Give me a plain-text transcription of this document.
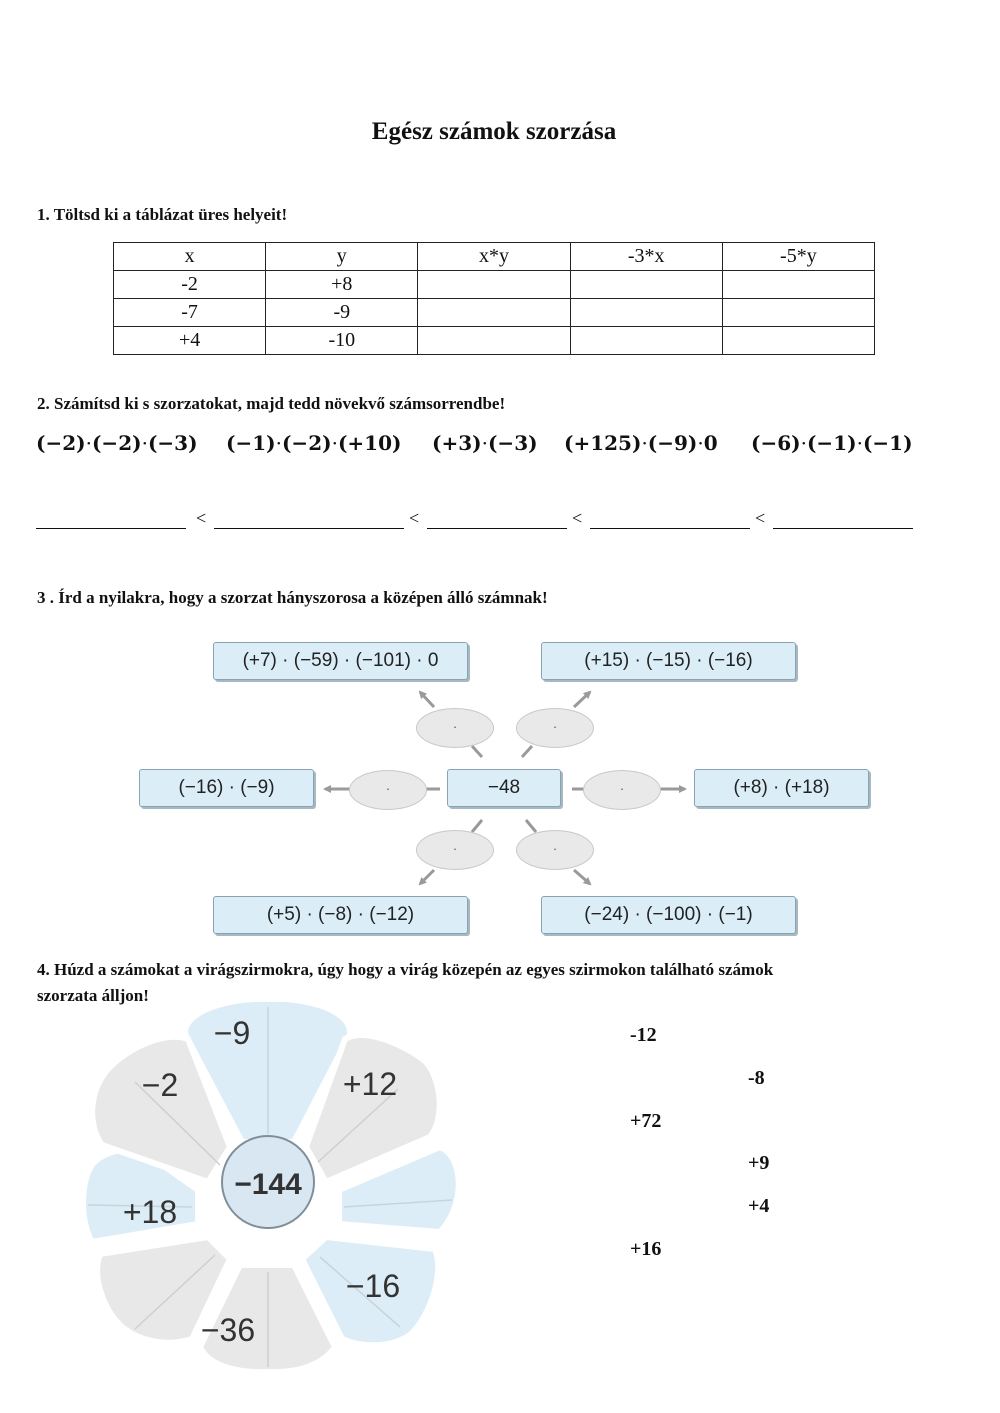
Egész számok szorzása
1. Töltsd ki a táblázat üres helyeit!
x	y	x*y	-3*x	-5*y
-2	+8			
-7	-9			
+4	-10			
2. Számítsd ki s szorzatokat, majd tedd növekvő számsorrendbe!
(−2)·(−2)·(−3) (−1)·(−2)·(+10) (+3)·(−3) (+125)·(−9)·0 (−6)·(−1)·(−1)
<	<	<	<
3 . Írd a nyilakra, hogy a szorzat hányszorosa a középen álló számnak!
(+7) · (−59) · (−101) · 0	(+15) · (−15) · (−16)
(−16) · (−9)	−48	(+8) · (+18)
(+5) · (−8) · (−12)	(−24) · (−100) · (−1)
·	·
·	·
·	·
4. Húzd a számokat a virágszirmokra, úgy hogy a virág közepén az egyes szirmokon található számok
szorzata álljon!
−144
−9
+12
−16
−36
+18
−2
-12
-8
+72
+9
+4
+16
